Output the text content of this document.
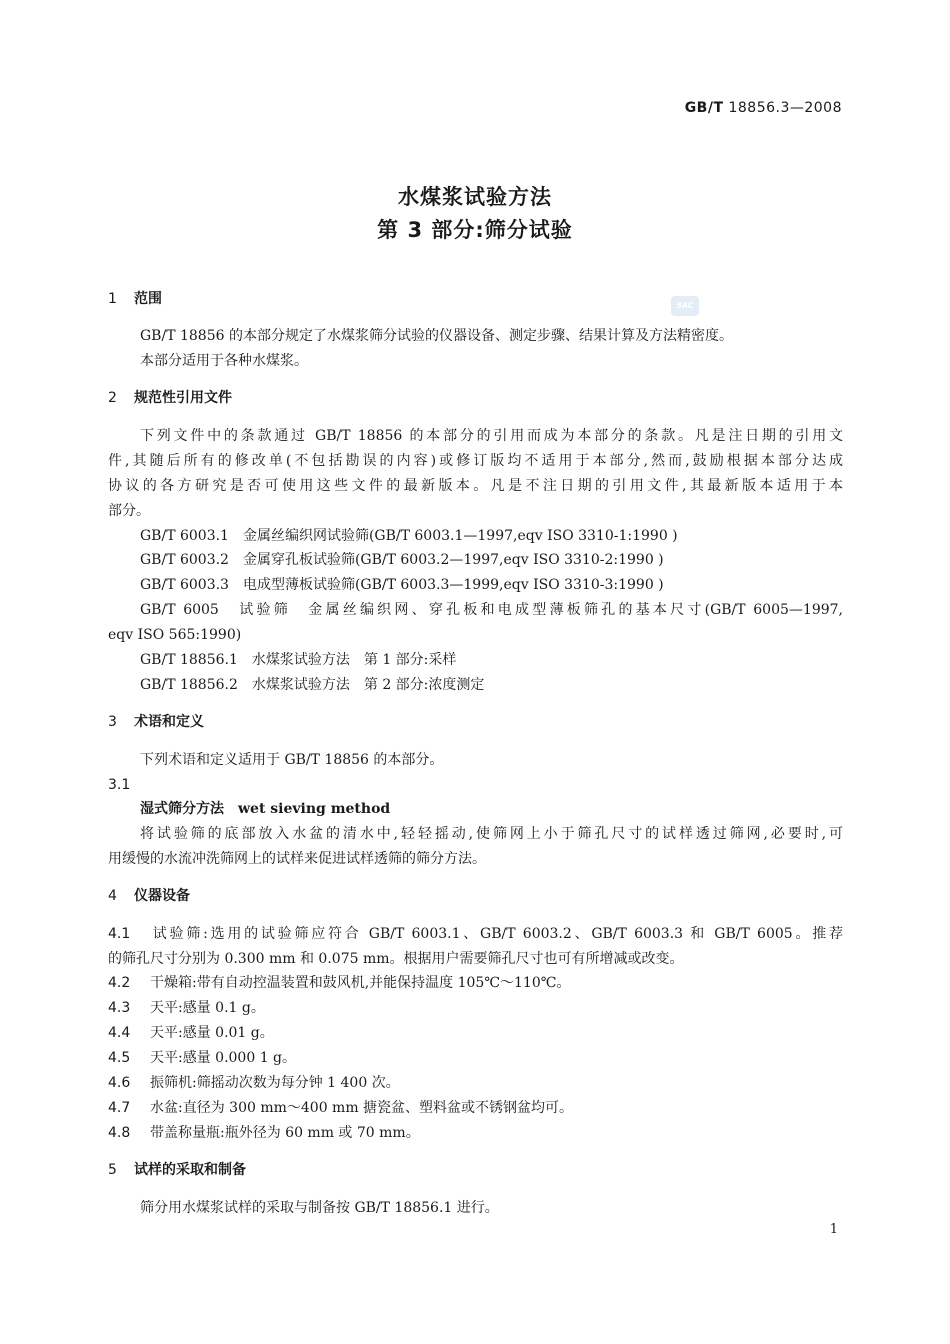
GB/T 18856.3—2008
水煤浆试验方法
第 3 部分:筛分试验
SAC
1 范围
GB/T 18856 的本部分规定了水煤浆筛分试验的仪器设备、测定步骤、结果计算及方法精密度。
本部分适用于各种水煤浆。
2 规范性引用文件
下列文件中的条款通过 GB/T 18856 的本部分的引用而成为本部分的条款。凡是注日期的引用文
件,其随后所有的修改单(不包括勘误的内容)或修订版均不适用于本部分,然而,鼓励根据本部分达成
协议的各方研究是否可使用这些文件的最新版本。凡是不注日期的引用文件,其最新版本适用于本
部分。
GB/T 6003.1　金属丝编织网试验筛(GB/T 6003.1—1997,eqv ISO 3310-1:1990 )
GB/T 6003.2　金属穿孔板试验筛(GB/T 6003.2—1997,eqv ISO 3310-2:1990 )
GB/T 6003.3　电成型薄板试验筛(GB/T 6003.3—1999,eqv ISO 3310-3:1990 )
GB/T 6005　试验筛　金属丝编织网、穿孔板和电成型薄板筛孔的基本尺寸(GB/T 6005—1997,
eqv ISO 565:1990)
GB/T 18856.1　水煤浆试验方法　第 1 部分:采样
GB/T 18856.2　水煤浆试验方法　第 2 部分:浓度测定
3 术语和定义
下列术语和定义适用于 GB/T 18856 的本部分。
3.1
湿式筛分方法　 wet sieving method
将试验筛的底部放入水盆的清水中,轻轻摇动,使筛网上小于筛孔尺寸的试样透过筛网,必要时,可
用缓慢的水流冲洗筛网上的试样来促进试样透筛的筛分方法。
4 仪器设备
4.1 试验筛:选用的试验筛应符合 GB/T 6003.1、GB/T 6003.2、GB/T 6003.3 和 GB/T 6005。推荐
的筛孔尺寸分别为 0.300 mm 和 0.075 mm。根据用户需要筛孔尺寸也可有所增减或改变。
4.2 干燥箱:带有自动控温装置和鼓风机,并能保持温度 105℃～110℃。
4.3 天平:感量 0.1 g。
4.4 天平:感量 0.01 g。
4.5 天平:感量 0.000 1 g。
4.6 振筛机:筛摇动次数为每分钟 1 400 次。
4.7 水盆:直径为 300 mm～400 mm 搪瓷盆、塑料盆或不锈钢盆均可。
4.8 带盖称量瓶:瓶外径为 60 mm 或 70 mm。
5 试样的采取和制备
筛分用水煤浆试样的采取与制备按 GB/T 18856.1 进行。
1
